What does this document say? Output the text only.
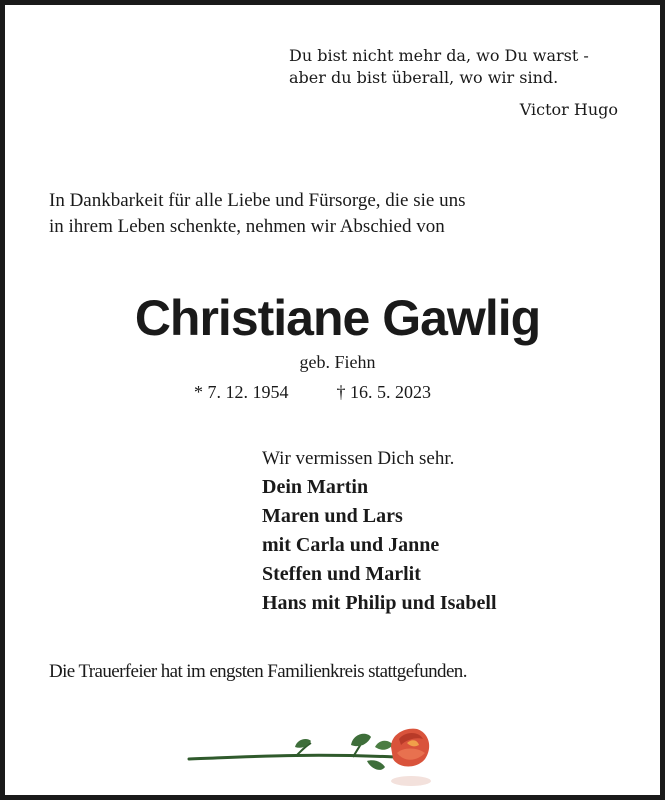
Du bist nicht mehr da, wo Du warst -
aber du bist überall, wo wir sind.
Victor Hugo
In Dankbarkeit für alle Liebe und Fürsorge, die sie uns
in ihrem Leben schenkte, nehmen wir Abschied von
Christiane Gawlig
geb. Fiehn
* 7. 12. 1954	† 16. 5. 2023
Wir vermissen Dich sehr.
Dein Martin
Maren und Lars
mit Carla und Janne
Steffen und Marlit
Hans mit Philip und Isabell
Die Trauerfeier hat im engsten Familienkreis stattgefunden.
